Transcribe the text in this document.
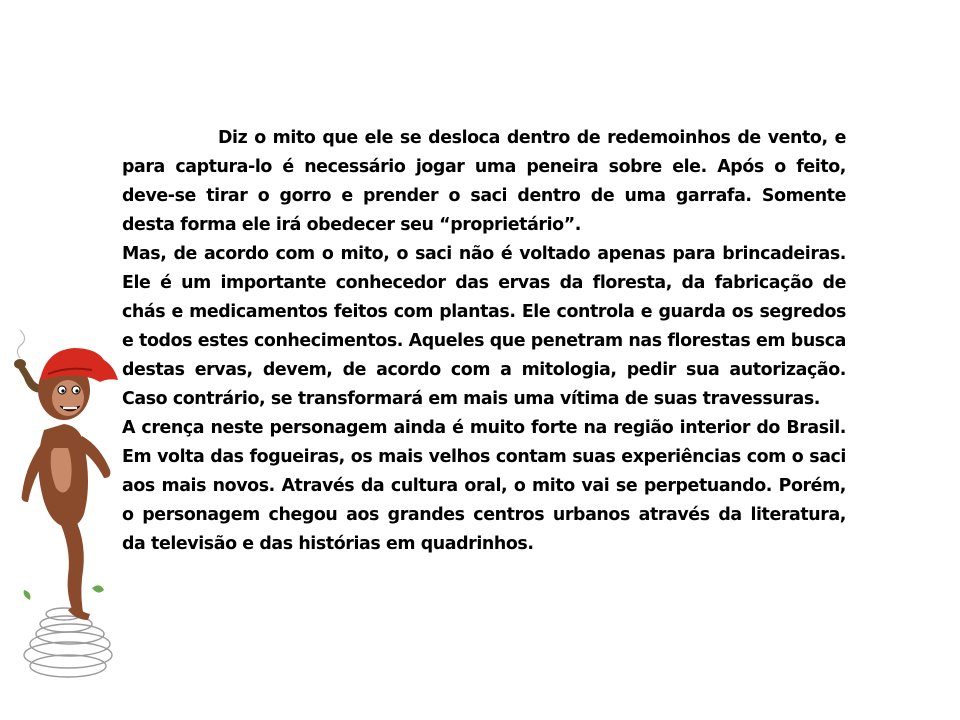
Diz o mito que ele se desloca dentro de redemoinhos de vento, e para captura-lo é necessário jogar uma peneira sobre ele. Após o feito, deve-se tirar o gorro e prender o saci dentro de uma garrafa. Somente desta forma ele irá obedecer seu “proprietário”.

Mas, de acordo com o mito, o saci não é voltado apenas para brincadeiras. Ele é um importante conhecedor das ervas da floresta, da fabricação de chás e medicamentos feitos com plantas. Ele controla e guarda os segredos e todos estes conhecimentos. Aqueles que penetram nas florestas em busca destas ervas, devem, de acordo com a mitologia, pedir sua autorização. Caso contrário, se transformará em mais uma vítima de suas travessuras.

A crença neste personagem ainda é muito forte na região interior do Brasil. Em volta das fogueiras, os mais velhos contam suas experiências com o saci aos mais novos. Através da cultura oral, o mito vai se perpetuando. Porém, o personagem chegou aos grandes centros urbanos através da literatura, da televisão e das histórias em quadrinhos.
